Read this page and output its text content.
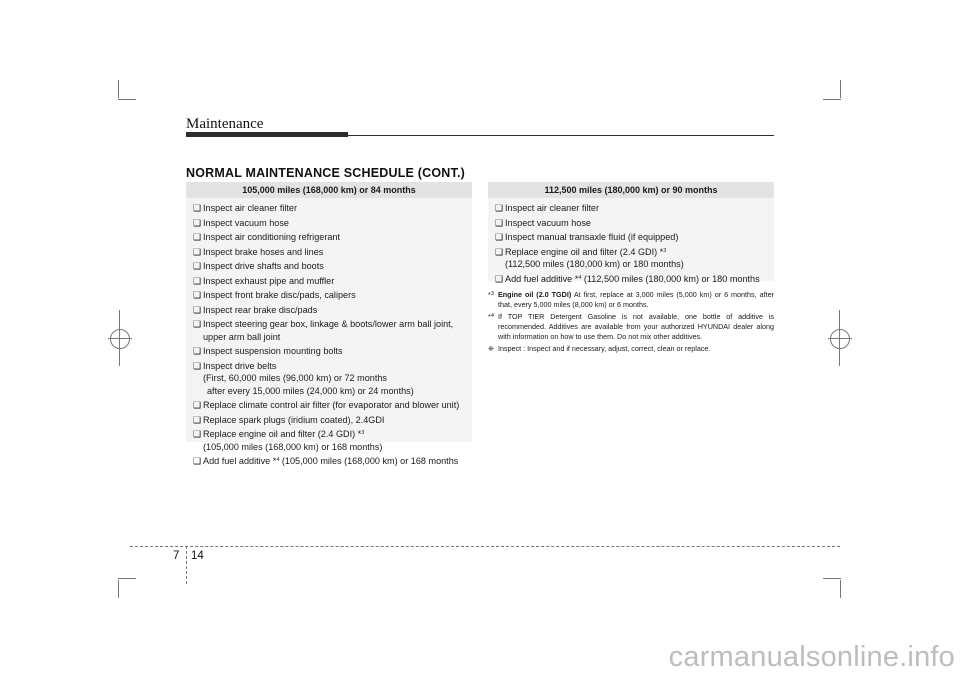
Maintenance
NORMAL MAINTENANCE SCHEDULE (CONT.)
105,000 miles (168,000 km) or 84 months
❑ Inspect air cleaner filter
❑ Inspect vacuum hose
❑ Inspect air conditioning refrigerant
❑ Inspect brake hoses and lines
❑ Inspect drive shafts and boots
❑ Inspect exhaust pipe and muffler
❑ Inspect front brake disc/pads, calipers
❑ Inspect rear brake disc/pads
❑ Inspect steering gear box, linkage & boots/lower arm ball joint,
upper arm ball joint
❑ Inspect suspension mounting bolts
❑ Inspect drive belts
(First, 60,000 miles (96,000 km) or 72 months
after every 15,000 miles (24,000 km) or 24 months)
❑ Replace climate control air filter (for evaporator and blower unit)
❑ Replace spark plugs (iridium coated), 2.4GDI
❑ Replace engine oil and filter (2.4 GDI) *$^3$
(105,000 miles (168,000 km) or 168 months)
❑ Add fuel additive *$^4$ (105,000 miles (168,000 km) or 168 months
112,500 miles (180,000 km) or 90 months
❑ Inspect air cleaner filter
❑ Inspect vacuum hose
❑ Inspect manual transaxle fluid (if equipped)
❑ Replace engine oil and filter (2.4 GDI) *$^3$
(112,500 miles (180,000 km) or 180 months)
❑ Add fuel additive *$^4$ (112,500 miles (180,000 km) or 180 months
*$^3$ Engine oil (2.0 TGDI) At first, replace at 3,000 miles (5,000 km) or 6 months, after that, every 5,000 miles (8,000 km) or 6 months.
*$^4$ If TOP TIER Detergent Gasoline is not available, one bottle of additive is recommended. Additives are available from your authorized HYUNDAI dealer along with information on how to use them. Do not mix other additives.
❈ Inspect : Inspect and if necessary, adjust, correct, clean or replace.
7 14
carmanualsonline.info
